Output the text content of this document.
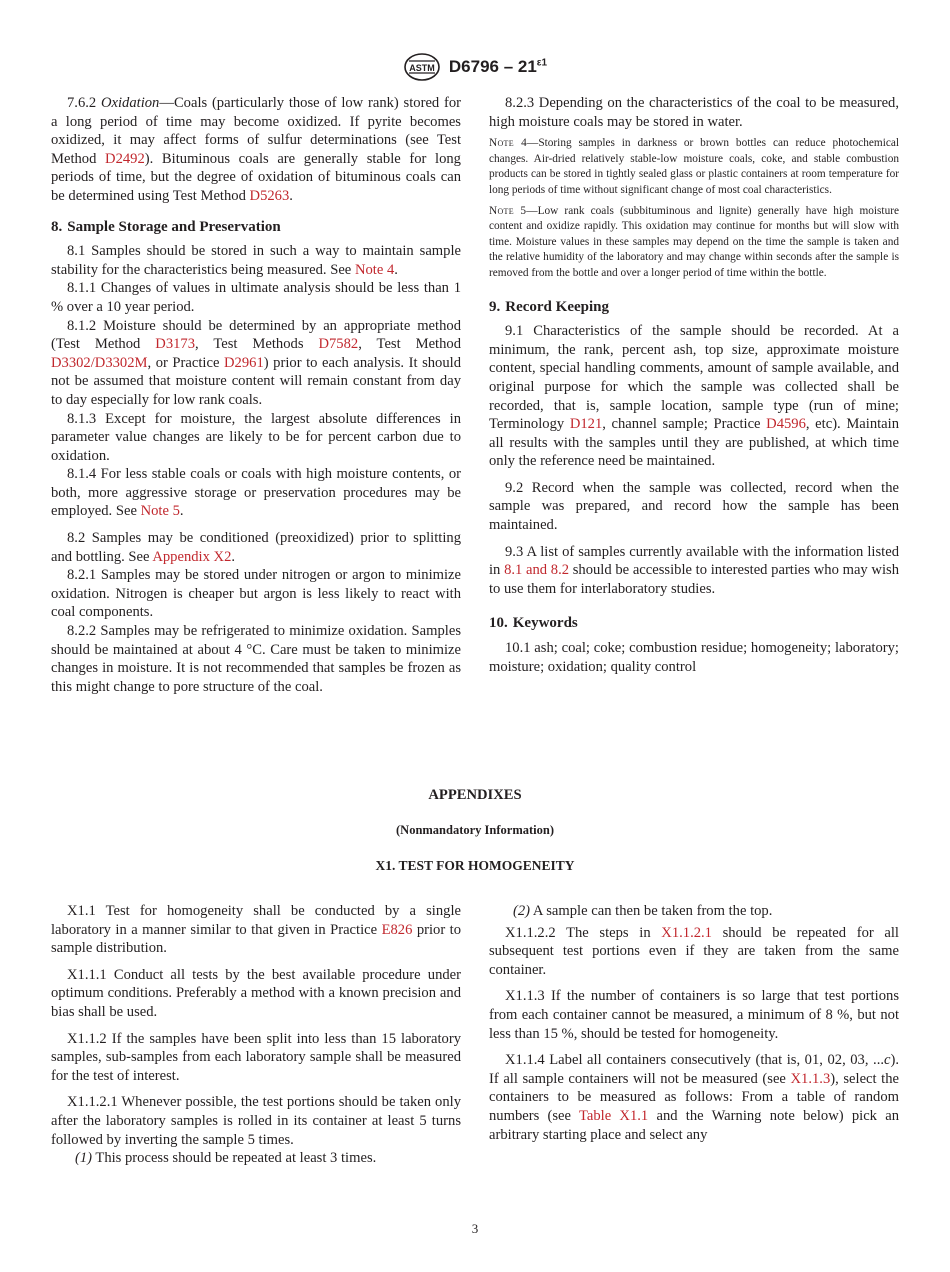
ASTM $D6796 - 21^{\varepsilon 1}$

7.6.2 Oxidation—Coals (particularly those of low rank) stored for a long period of time may become oxidized. If pyrite becomes oxidized, it may affect forms of sulfur determinations (see Test Method D2492). Bituminous coals are generally stable for long periods of time, but the degree of oxidation of bituminous coals can be determined using Test Method D5263.

8. Sample Storage and Preservation

8.1 Samples should be stored in such a way to maintain sample stability for the characteristics being measured. See Note 4.

8.1.1 Changes of values in ultimate analysis should be less than 1 % over a 10 year period.

8.1.2 Moisture should be determined by an appropriate method (Test Method D3173, Test Methods D7582, Test Method D3302/D3302M, or Practice D2961) prior to each analysis. It should not be assumed that moisture content will remain constant from day to day especially for low rank coals.

8.1.3 Except for moisture, the largest absolute differences in parameter value changes are likely to be for percent carbon due to oxidation.

8.1.4 For less stable coals or coals with high moisture contents, or both, more aggressive storage or preservation procedures may be employed. See Note 5.

8.2 Samples may be conditioned (preoxidized) prior to splitting and bottling. See Appendix X2.

8.2.1 Samples may be stored under nitrogen or argon to minimize oxidation. Nitrogen is cheaper but argon is less likely to react with coal components.

8.2.2 Samples may be refrigerated to minimize oxidation. Samples should be maintained at about 4 °C. Care must be taken to minimize changes in moisture. It is not recommended that samples be frozen as this might change to pore structure of the coal.

8.2.3 Depending on the characteristics of the coal to be measured, high moisture coals may be stored in water.

Note 4—Storing samples in darkness or brown bottles can reduce photochemical changes. Air-dried relatively stable-low moisture coals, coke, and stable combustion products can be stored in tightly sealed glass or plastic containers at room temperature for long periods of time without significant change of most coal characteristics.

Note 5—Low rank coals (subbituminous and lignite) generally have high moisture content and oxidize rapidly. This oxidation may continue for months but will slow with time. Moisture values in these samples may depend on the time the sample is taken and the relative humidity of the laboratory and may change within seconds after the sample is removed from the bottle and over a longer period of time within the bottle.

9. Record Keeping

9.1 Characteristics of the sample should be recorded. At a minimum, the rank, percent ash, top size, approximate moisture content, special handling comments, amount of sample available, and original purpose for which the sample was collected shall be recorded, that is, sample location, sample type (run of mine; Terminology D121, channel sample; Practice D4596, etc). Maintain all results with the samples until they are published, at which time only the reference need be maintained.

9.2 Record when the sample was collected, record when the sample was prepared, and record how the sample has been maintained.

9.3 A list of samples currently available with the information listed in 8.1 and 8.2 should be accessible to interested parties who may wish to use them for interlaboratory studies.

10. Keywords

10.1 ash; coal; coke; combustion residue; homogeneity; laboratory; moisture; oxidation; quality control

APPENDIXES
(Nonmandatory Information)
X1. TEST FOR HOMOGENEITY

X1.1 Test for homogeneity shall be conducted by a single laboratory in a manner similar to that given in Practice E826 prior to sample distribution.

X1.1.1 Conduct all tests by the best available procedure under optimum conditions. Preferably a method with a known precision and bias shall be used.

X1.1.2 If the samples have been split into less than 15 laboratory samples, sub-samples from each laboratory sample shall be measured for the test of interest.

X1.1.2.1 Whenever possible, the test portions should be taken only after the laboratory samples is rolled in its container at least 5 turns followed by inverting the sample 5 times.

(1) This process should be repeated at least 3 times.

(2) A sample can then be taken from the top.

X1.1.2.2 The steps in X1.1.2.1 should be repeated for all subsequent test portions even if they are taken from the same container.

X1.1.3 If the number of containers is so large that test portions from each container cannot be measured, a minimum of 8 %, but not less than 15 %, should be tested for homogeneity.

X1.1.4 Label all containers consecutively (that is, 01, 02, 03, ...c). If all sample containers will not be measured (see X1.1.3), select the containers to be measured as follows: From a table of random numbers (see Table X1.1 and the Warning note below) pick an arbitrary starting place and select any

3
